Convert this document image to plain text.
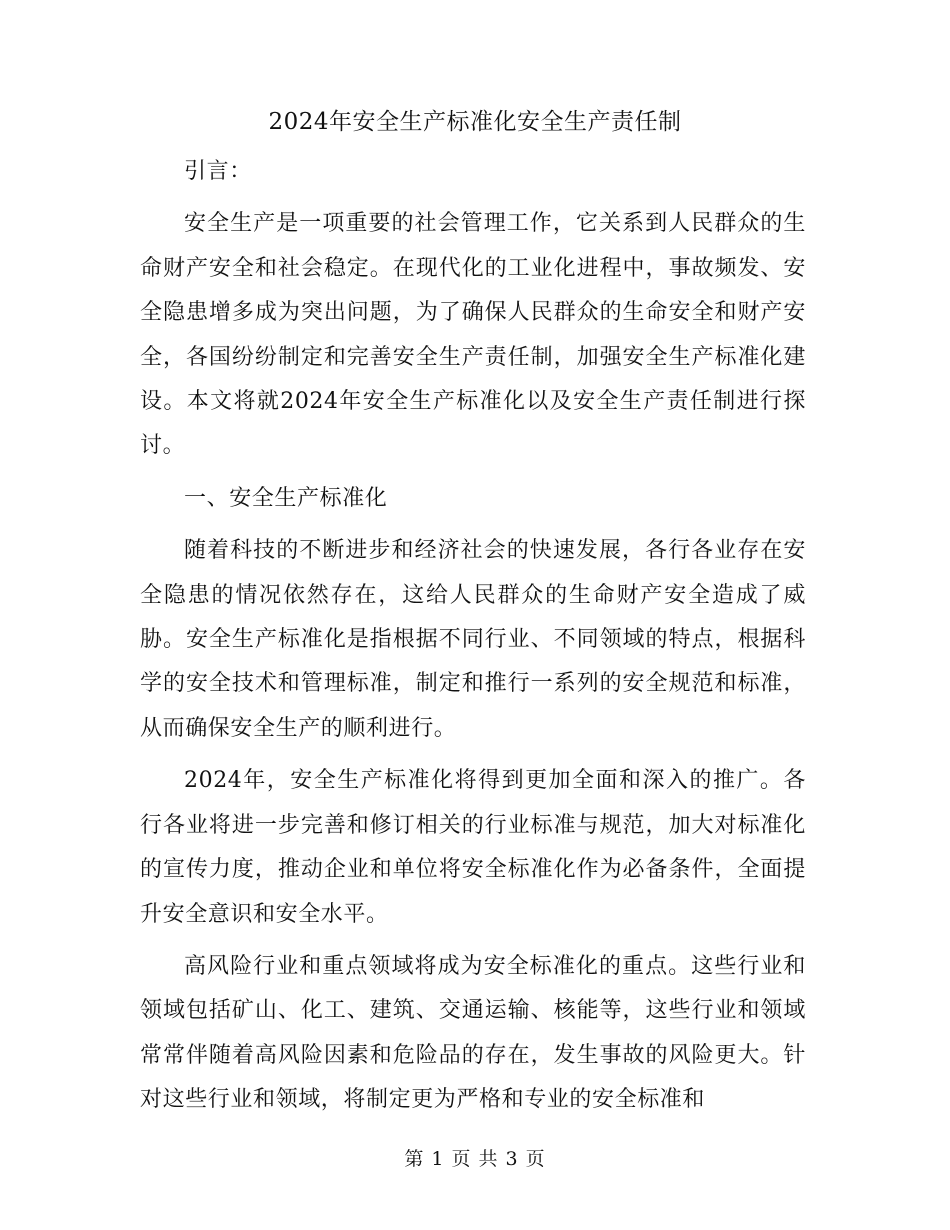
2024年安全生产标准化安全生产责任制

引言：

安全生产是一项重要的社会管理工作，它关系到人民群众的生命财产安全和社会稳定。在现代化的工业化进程中，事故频发、安全隐患增多成为突出问题，为了确保人民群众的生命安全和财产安全，各国纷纷制定和完善安全生产责任制，加强安全生产标准化建设。本文将就2024年安全生产标准化以及安全生产责任制进行探讨。

一、安全生产标准化

随着科技的不断进步和经济社会的快速发展，各行各业存在安全隐患的情况依然存在，这给人民群众的生命财产安全造成了威胁。安全生产标准化是指根据不同行业、不同领域的特点，根据科学的安全技术和管理标准，制定和推行一系列的安全规范和标准，从而确保安全生产的顺利进行。

2024年，安全生产标准化将得到更加全面和深入的推广。各行各业将进一步完善和修订相关的行业标准与规范，加大对标准化的宣传力度，推动企业和单位将安全标准化作为必备条件，全面提升安全意识和安全水平。

高风险行业和重点领域将成为安全标准化的重点。这些行业和领域包括矿山、化工、建筑、交通运输、核能等，这些行业和领域常常伴随着高风险因素和危险品的存在，发生事故的风险更大。针对这些行业和领域，将制定更为严格和专业的安全标准和

第 1 页 共 3 页
